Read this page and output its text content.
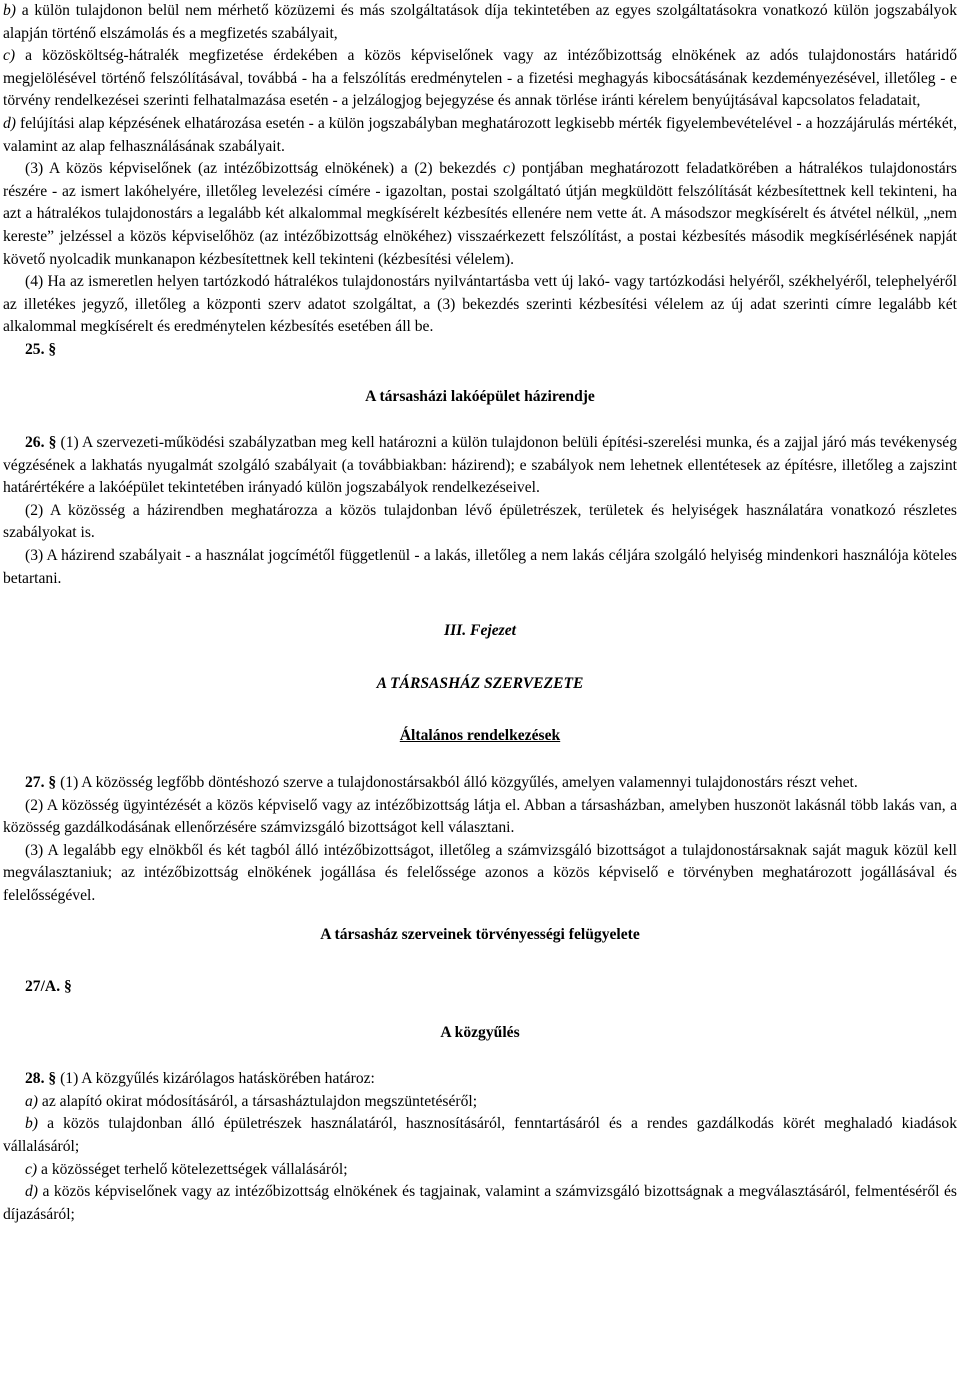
b) a külön tulajdonon belül nem mérhető közüzemi és más szolgáltatások díja tekintetében az egyes szolgáltatásokra vonatkozó külön jogszabályok alapján történő elszámolás és a megfizetés szabályait,

c) a közösköltség-hátralék megfizetése érdekében a közös képviselőnek vagy az intézőbizottság elnökének az adós tulajdonostárs határidő megjelölésével történő felszólításával, továbbá - ha a felszólítás eredménytelen - a fizetési meghagyás kibocsátásának kezdeményezésével, illetőleg - e törvény rendelkezései szerinti felhatalmazása esetén - a jelzálogjog bejegyzése és annak törlése iránti kérelem benyújtásával kapcsolatos feladatait,

d) felújítási alap képzésének elhatározása esetén - a külön jogszabályban meghatározott legkisebb mérték figyelembevételével - a hozzájárulás mértékét, valamint az alap felhasználásának szabályait.

(3) A közös képviselőnek (az intézőbizottság elnökének) a (2) bekezdés c) pontjában meghatározott feladatkörében a hátralékos tulajdonostárs részére - az ismert lakóhelyére, illetőleg levelezési címére - igazoltan, postai szolgáltató útján megküldött felszólítását kézbesítettnek kell tekinteni, ha azt a hátralékos tulajdonostárs a legalább két alkalommal megkísérelt kézbesítés ellenére nem vette át. A másodszor megkísérelt és átvétel nélkül, „nem kereste” jelzéssel a közös képviselőhöz (az intézőbizottság elnökéhez) visszaérkezett felszólítást, a postai kézbesítés második megkísérlésének napját követő nyolcadik munkanapon kézbesítettnek kell tekinteni (kézbesítési vélelem).

(4) Ha az ismeretlen helyen tartózkodó hátralékos tulajdonostárs nyilvántartásba vett új lakó- vagy tartózkodási helyéről, székhelyéről, telephelyéről az illetékes jegyző, illetőleg a központi szerv adatot szolgáltat, a (3) bekezdés szerinti kézbesítési vélelem az új adat szerinti címre legalább két alkalommal megkísérelt és eredménytelen kézbesítés esetében áll be.

25. §

A társasházi lakóépület házirendje

26. § (1) A szervezeti-működési szabályzatban meg kell határozni a külön tulajdonon belüli építési-szerelési munka, és a zajjal járó más tevékenység végzésének a lakhatás nyugalmát szolgáló szabályait (a továbbiakban: házirend); e szabályok nem lehetnek ellentétesek az építésre, illetőleg a zajszint határértékére a lakóépület tekintetében irányadó külön jogszabályok rendelkezéseivel.

(2) A közösség a házirendben meghatározza a közös tulajdonban lévő épületrészek, területek és helyiségek használatára vonatkozó részletes szabályokat is.

(3) A házirend szabályait - a használat jogcímétől függetlenül - a lakás, illetőleg a nem lakás céljára szolgáló helyiség mindenkori használója köteles betartani.

III. Fejezet

A TÁRSASHÁZ SZERVEZETE

Általános rendelkezések

27. § (1) A közösség legfőbb döntéshozó szerve a tulajdonostársakból álló közgyűlés, amelyen valamennyi tulajdonostárs részt vehet.

(2) A közösség ügyintézését a közös képviselő vagy az intézőbizottság látja el. Abban a társasházban, amelyben huszonöt lakásnál több lakás van, a közösség gazdálkodásának ellenőrzésére számvizsgáló bizottságot kell választani.

(3) A legalább egy elnökből és két tagból álló intézőbizottságot, illetőleg a számvizsgáló bizottságot a tulajdonostársaknak saját maguk közül kell megválasztaniuk; az intézőbizottság elnökének jogállása és felelőssége azonos a közös képviselő e törvényben meghatározott jogállásával és felelősségével.

A társasház szerveinek törvényességi felügyelete
27/A. §

A közgyűlés

28. § (1) A közgyűlés kizárólagos hatáskörében határoz:

a) az alapító okirat módosításáról, a társasháztulajdon megszüntetéséről;

b) a közös tulajdonban álló épületrészek használatáról, hasznosításáról, fenntartásáról és a rendes gazdálkodás körét meghaladó kiadások vállalásáról;

c) a közösséget terhelő kötelezettségek vállalásáról;

d) a közös képviselőnek vagy az intézőbizottság elnökének és tagjainak, valamint a számvizsgáló bizottságnak a megválasztásáról, felmentéséről és díjazásáról;
